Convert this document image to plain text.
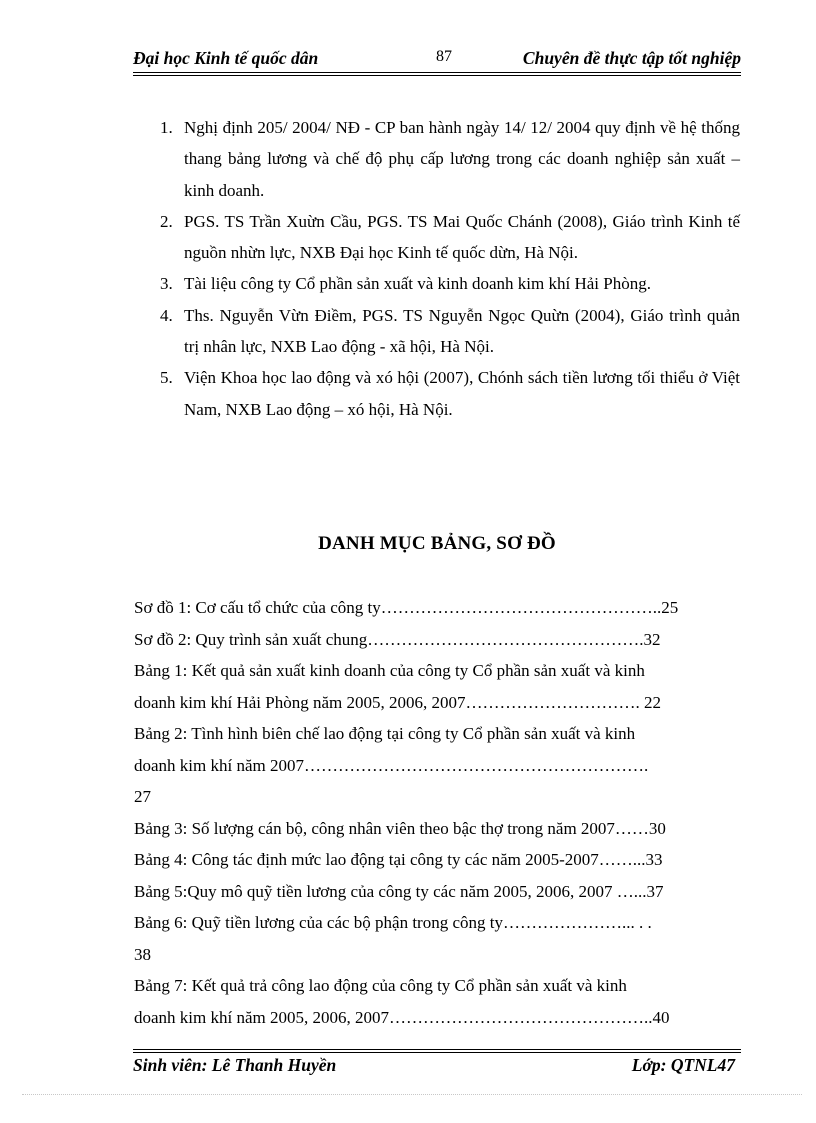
Đại học Kinh tế quốc dân	87	Chuyên đề thực tập tốt nghiệp
1. Nghị định 205/ 2004/ NĐ - CP ban hành ngày 14/ 12/ 2004 quy định về hệ thống thang bảng lương và chế độ phụ cấp lương trong các doanh nghiệp sản xuất – kinh doanh.
2. PGS. TS Trần Xuừn Cầu, PGS. TS Mai Quốc Chánh (2008), Giáo trình Kinh tế nguồn nhừn lực, NXB Đại học Kinh tế quốc dừn, Hà Nội.
3. Tài liệu công ty Cổ phần sản xuất và kinh doanh kim khí Hải Phòng.
4. Ths. Nguyễn Vừn Điềm, PGS. TS Nguyễn Ngọc Quừn (2004), Giáo trình quản trị nhân lực, NXB Lao động - xã hội, Hà Nội.
5. Viện Khoa học lao động và xó hội (2007), Chónh sách tiền lương tối thiểu ở Việt Nam, NXB Lao động – xó hội, Hà Nội.
DANH MỤC BẢNG, SƠ ĐỒ
Sơ đồ 1: Cơ cấu tổ chức của công ty…………………………………………..25
Sơ đồ 2: Quy trình sản xuất chung………………………………………….32
Bảng 1: Kết quả sản xuất kinh doanh của công ty Cổ phần sản xuất và kinh
doanh kim khí Hải Phòng năm 2005, 2006, 2007…………………………. 22
Bảng 2: Tình hình biên chế lao động tại công ty Cổ phần sản xuất và kinh
doanh kim khí năm 2007…………………………………………………….
27
Bảng 3: Số lượng cán bộ, công nhân viên theo bậc thợ trong năm 2007……30
Bảng 4: Công tác định mức lao động tại công ty các năm 2005-2007……...33
Bảng 5:Quy mô quỹ tiền lương của công ty các năm 2005, 2006, 2007 …...37
Bảng 6: Quỹ tiền lương của các bộ phận trong công ty…………………... . .
38
Bảng 7: Kết quả trả công lao động của công ty Cổ phần sản xuất và kinh
doanh kim khí năm 2005, 2006, 2007………………………………………..40
Sinh viên: Lê Thanh Huyền	Lớp: QTNL47
